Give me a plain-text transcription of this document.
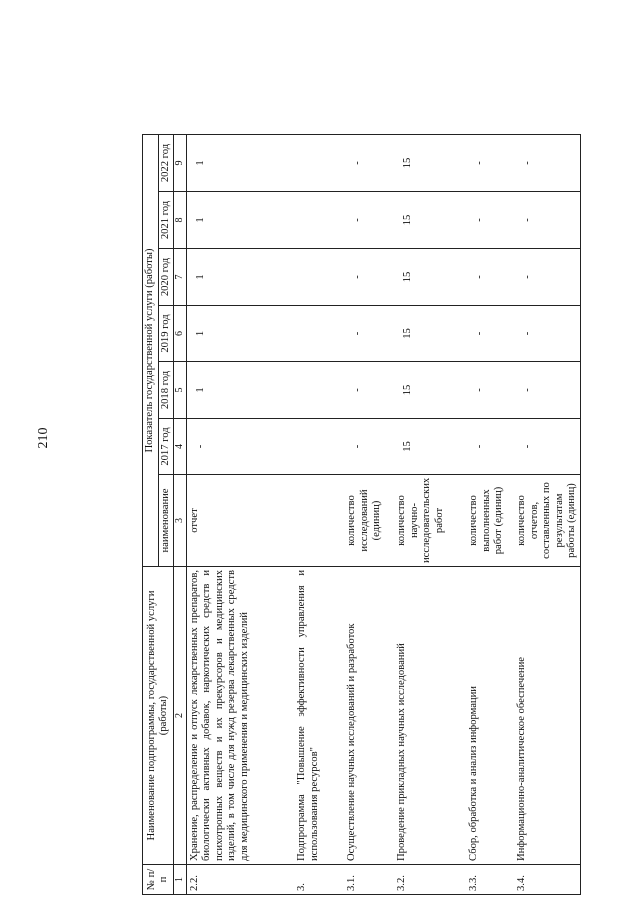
210
№ п/п	Наименование подпрограммы, государственной услуги (работы)	Показатель государственной услуги (работы)						
		наименование	2017 год	2018 год	2019 год	2020 год	2021 год	2022 год
1	2	3	4	5	6	7	8	9
2.2.	Хранение, распределение и отпуск лекарственных препаратов, биологически активных добавок, наркотических средств и психотропных веществ и их прекурсоров и медицинских изделий, в том числе для нужд резерва лекарственных средств для медицинского применения и медицинских изделий	отчет	-	1	1	1	1	1
3.	Подпрограмма "Повышение эффективности управления и использования ресурсов"							
3.1.	Осуществление научных исследований и разработок	количество исследований (единиц)	-	-	-	-	-	-
3.2.	Проведение прикладных научных исследований	количество научно-исследовательских работ	15	15	15	15	15	15
3.3.	Сбор, обработка и анализ информации	количество выполненных работ (единиц)	-	-	-	-	-	-
3.4.	Информационно-аналитическое обеспечение	количество отчетов, составленных по результатам работы (единиц)	-	-	-	-	-	-
